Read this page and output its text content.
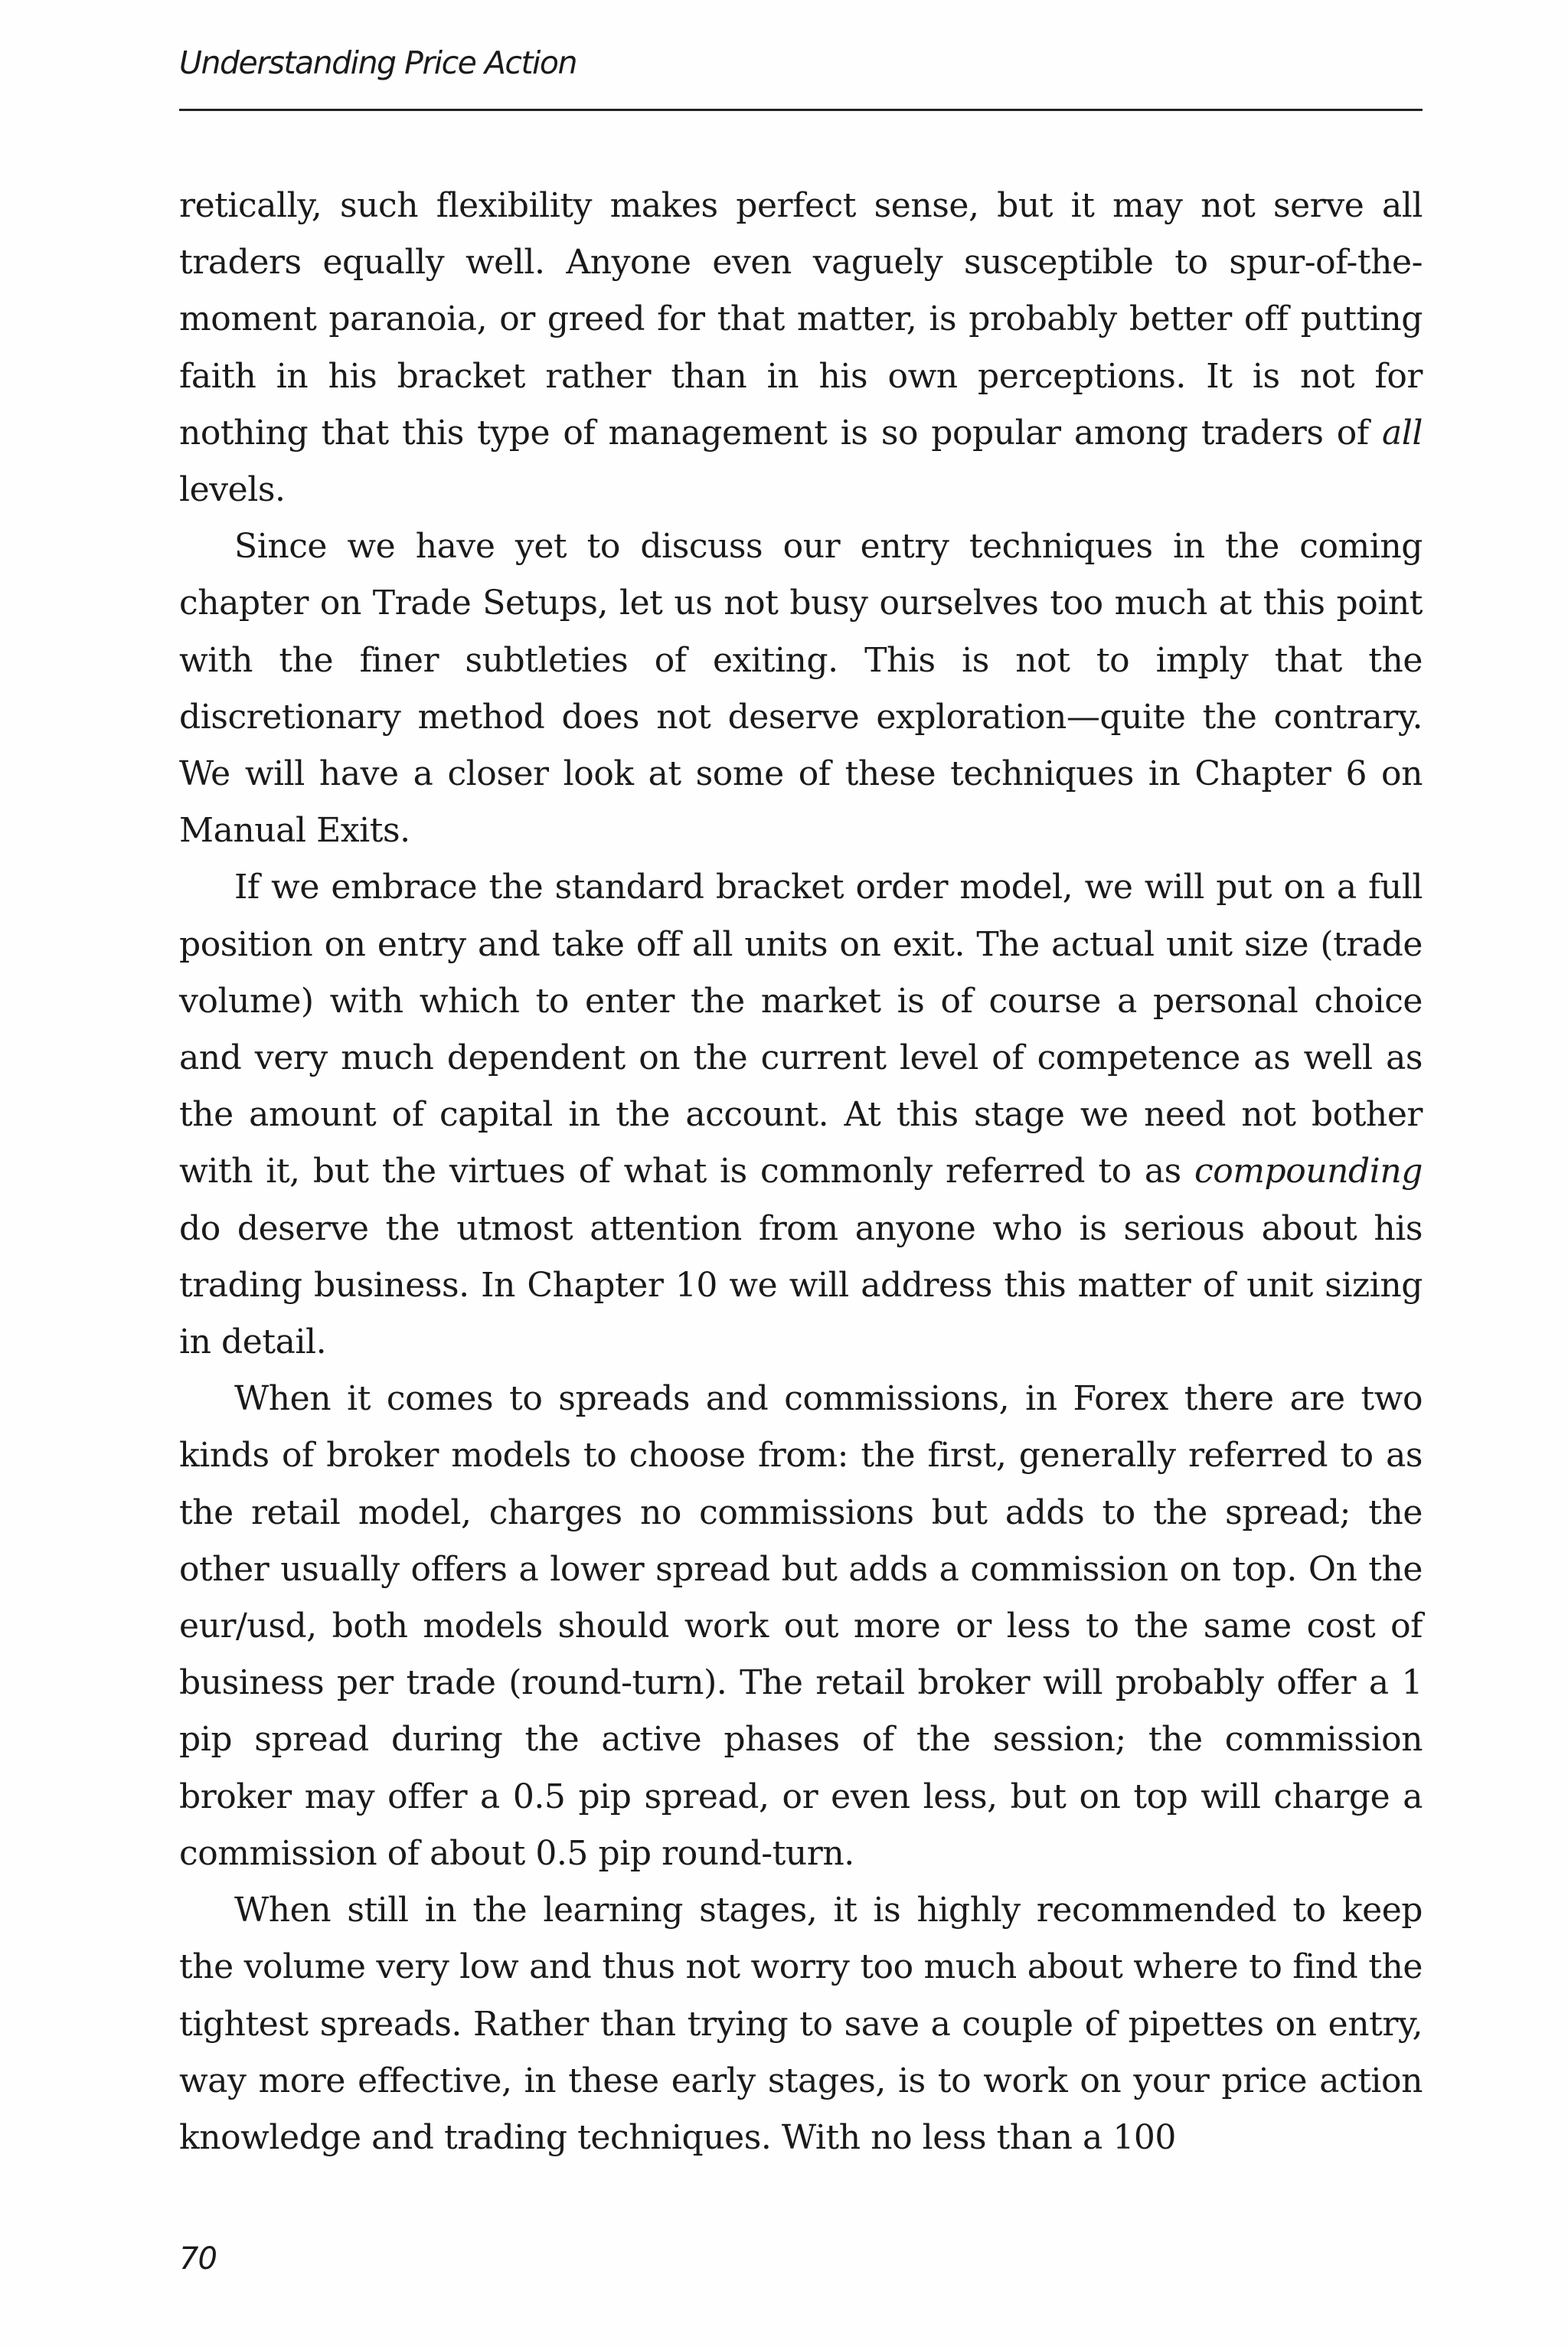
Understanding Price Action

retically, such flexibility makes perfect sense, but it may not serve all traders equally well. Anyone even vaguely susceptible to spur-of-the-moment paranoia, or greed for that matter, is probably better off putting faith in his bracket rather than in his own perceptions. It is not for nothing that this type of management is so popular among traders of all levels.

Since we have yet to discuss our entry techniques in the coming chapter on Trade Setups, let us not busy ourselves too much at this point with the finer subtleties of exiting. This is not to imply that the discretionary method does not deserve exploration—quite the contrary. We will have a closer look at some of these techniques in Chapter 6 on Manual Exits.

If we embrace the standard bracket order model, we will put on a full position on entry and take off all units on exit. The actual unit size (trade volume) with which to enter the market is of course a personal choice and very much dependent on the current level of competence as well as the amount of capital in the account. At this stage we need not bother with it, but the virtues of what is commonly referred to as compounding do deserve the utmost attention from anyone who is serious about his trading business. In Chapter 10 we will address this matter of unit sizing in detail.

When it comes to spreads and commissions, in Forex there are two kinds of broker models to choose from: the first, generally referred to as the retail model, charges no commissions but adds to the spread; the other usually offers a lower spread but adds a commission on top. On the eur/usd, both models should work out more or less to the same cost of business per trade (round-turn). The retail broker will probably offer a 1 pip spread during the active phases of the session; the commission broker may offer a 0.5 pip spread, or even less, but on top will charge a commission of about 0.5 pip round-turn.

When still in the learning stages, it is highly recommended to keep the volume very low and thus not worry too much about where to find the tightest spreads. Rather than trying to save a couple of pipettes on entry, way more effective, in these early stages, is to work on your price action knowledge and trading techniques. With no less than a 100

70
